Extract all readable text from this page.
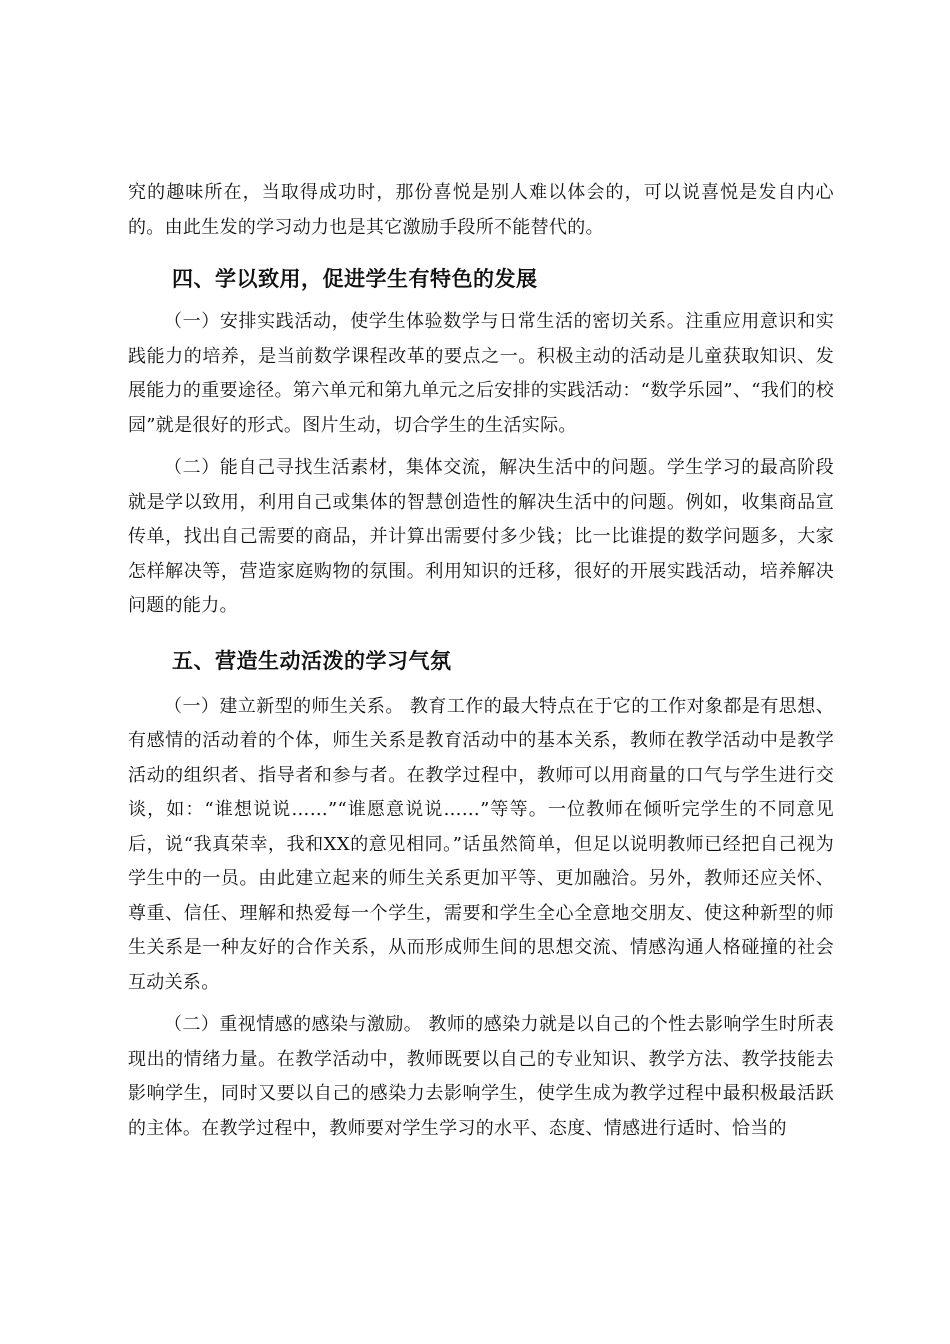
究的趣味所在，当取得成功时，那份喜悦是别人难以体会的，可以说喜悦是发自内心的。由此生发的学习动力也是其它激励手段所不能替代的。

四、学以致用，促进学生有特色的发展

（一）安排实践活动，使学生体验数学与日常生活的密切关系。注重应用意识和实践能力的培养，是当前数学课程改革的要点之一。积极主动的活动是儿童获取知识、发展能力的重要途径。第六单元和第九单元之后安排的实践活动：“数学乐园”、“我们的校园”就是很好的形式。图片生动，切合学生的生活实际。

（二）能自己寻找生活素材，集体交流，解决生活中的问题。学生学习的最高阶段就是学以致用，利用自己或集体的智慧创造性的解决生活中的问题。例如，收集商品宣传单，找出自己需要的商品，并计算出需要付多少钱；比一比谁提的数学问题多，大家怎样解决等，营造家庭购物的氛围。利用知识的迁移，很好的开展实践活动，培养解决问题的能力。

五、营造生动活泼的学习气氛

（一）建立新型的师生关系。 教育工作的最大特点在于它的工作对象都是有思想、有感情的活动着的个体，师生关系是教育活动中的基本关系，教师在教学活动中是教学活动的组织者、指导者和参与者。在教学过程中，教师可以用商量的口气与学生进行交谈，如：“谁想说说……”“谁愿意说说……”等等。一位教师在倾听完学生的不同意见后，说“我真荣幸，我和XX的意见相同。”话虽然简单，但足以说明教师已经把自己视为学生中的一员。由此建立起来的师生关系更加平等、更加融洽。另外，教师还应关怀、尊重、信任、理解和热爱每一个学生，需要和学生全心全意地交朋友、使这种新型的师生关系是一种友好的合作关系，从而形成师生间的思想交流、情感沟通人格碰撞的社会互动关系。

（二）重视情感的感染与激励。 教师的感染力就是以自己的个性去影响学生时所表现出的情绪力量。在教学活动中，教师既要以自己的专业知识、教学方法、教学技能去影响学生，同时又要以自己的感染力去影响学生，使学生成为教学过程中最积极最活跃的主体。在教学过程中，教师要对学生学习的水平、态度、情感进行适时、恰当的
